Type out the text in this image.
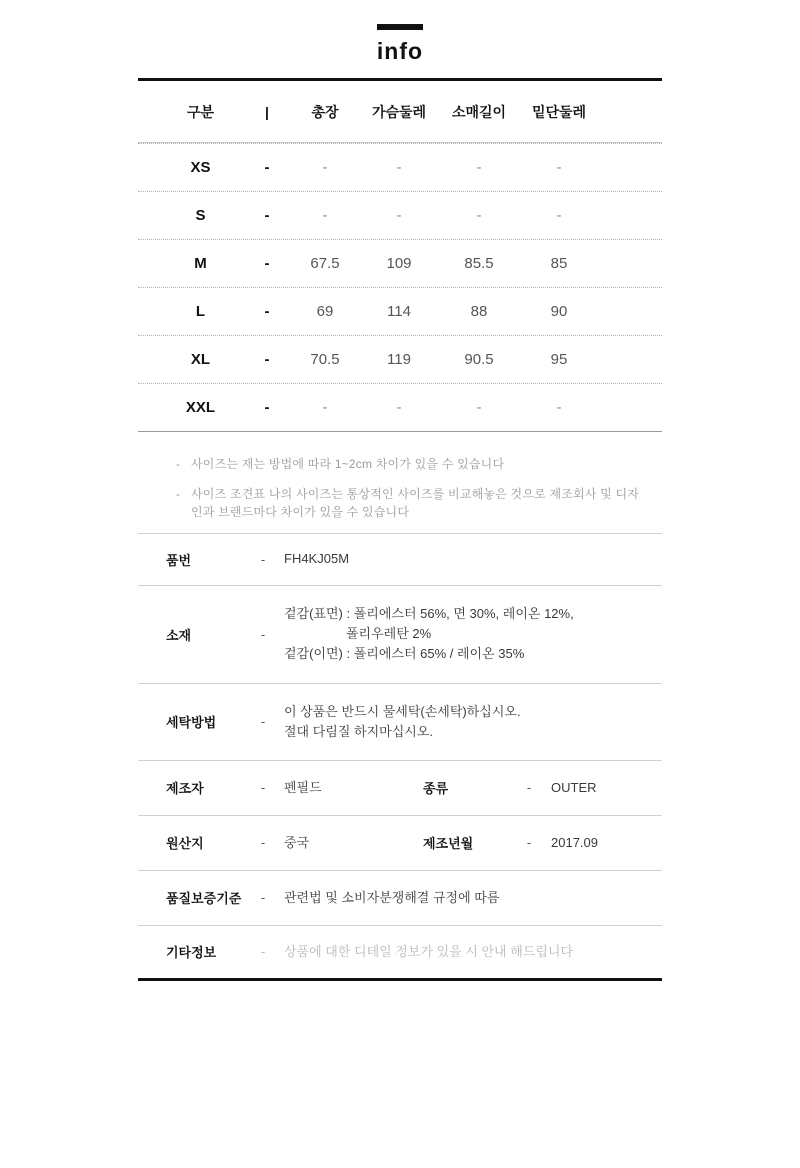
info
구분	|	총장	가슴둘레	소매길이	밑단둘레
XS	-	-	-	-	-
S	-	-	-	-	-
M	-	67.5	109	85.5	85
L	-	69	114	88	90
XL	-	70.5	119	90.5	95
XXL	-	-	-	-	-
- 사이즈는 재는 방법에 따라 1~2cm 차이가 있을 수 있습니다
- 사이즈 조견표 나의 사이즈는 통상적인 사이즈를 비교해놓은 것으로 제조회사 및 디자인과 브랜드마다 차이가 있을 수 있습니다
품번	-	FH4KJ05M
소재	-
겉감(표면) : 폴리에스터 56%, 면 30%, 레이온 12%,
폴리우레탄 2%
겉감(이면) : 폴리에스터 65% / 레이온 35%
세탁방법	-
이 상품은 반드시 물세탁(손세탁)하십시오.
절대 다림질 하지마십시오.
제조자	-	펜필드	종류	-	OUTER
원산지	-	중국	제조년월	-	2017.09
품질보증기준	-	관련법 및 소비자분쟁해결 규정에 따름
기타정보	-	상품에 대한 디테일 정보가 있을 시 안내 해드립니다
